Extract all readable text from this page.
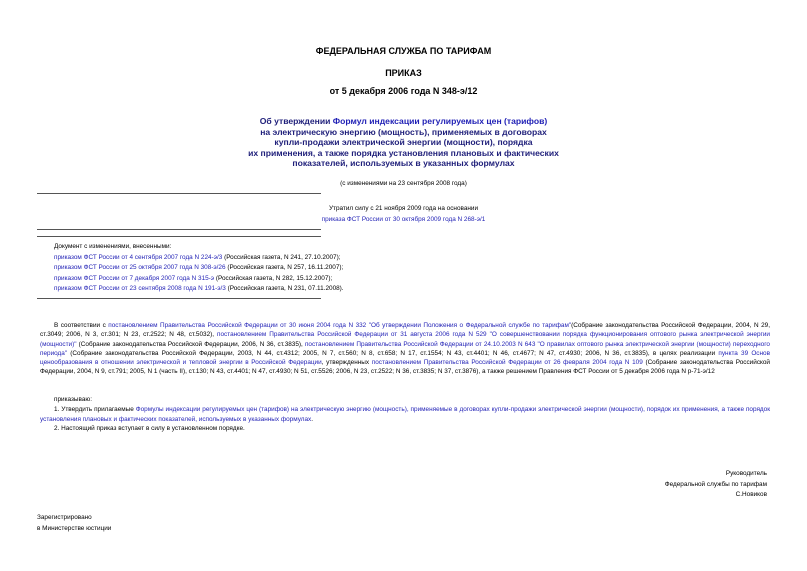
ФЕДЕРАЛЬНАЯ СЛУЖБА ПО ТАРИФАМ
ПРИКАЗ
от 5 декабря 2006 года N 348-э/12
Об утверждении Формул индексации регулируемых цен (тарифов)
на электрическую энергию (мощность), применяемых в договорах
купли-продажи электрической энергии (мощности), порядка
их применения, а также порядка установления плановых и фактических
показателей, используемых в указанных формулах
(с изменениями на 23 сентября 2008 года)
Утратил силу с 21 ноября 2009 года на основании
приказа ФСТ России от 30 октября 2009 года N 268-э/1
Документ с изменениями, внесенными:
приказом ФСТ России от 4 сентября 2007 года N 224-э/3 (Российская газета, N 241, 27.10.2007);
приказом ФСТ России от 25 октября 2007 года N 308-э/26 (Российская газета, N 257, 16.11.2007);
приказом ФСТ России от 7 декабря 2007 года N 315-э (Российская газета, N 282, 15.12.2007);
приказом ФСТ России от 23 сентября 2008 года N 191-э/3 (Российская газета, N 231, 07.11.2008).

В соответствии с постановлением Правительства Российской Федерации от 30 июня 2004 года N 332 "Об утверждении Положения о Федеральной службе по тарифам"(Собрание законодательства Российской Федерации, 2004, N 29, ст.3049; 2006, N 3, ст.301; N 23, ст.2522; N 48, ст.5032), постановлением Правительства Российской Федерации от 31 августа 2006 года N 529 "О совершенствовании порядка функционирования оптового рынка электрической энергии (мощности)" (Собрание законодательства Российской Федерации, 2006, N 36, ст.3835), постановлением Правительства Российской Федерации от 24.10.2003 N 643 "О правилах оптового рынка электрической энергии (мощности) переходного периода" (Собрание законодательства Российской Федерации, 2003, N 44, ст.4312; 2005, N 7, ст.560; N 8, ст.658; N 17, ст.1554; N 43, ст.4401; N 46, ст.4677; N 47, ст.4930; 2006, N 36, ст.3835), в целях реализации пункта 39 Основ ценообразования в отношении электрической и тепловой энергии в Российской Федерации, утвержденных постановлением Правительства Российской Федерации от 26 февраля 2004 года N 109 (Собрание законодательства Российской Федерации, 2004, N 9, ст.791; 2005, N 1 (часть II), ст.130; N 43, ст.4401; N 47, ст.4930; N 51, ст.5526; 2006, N 23, ст.2522; N 36, ст.3835; N 37, ст.3876), а также решением Правления ФСТ России от 5 декабря 2006 года N р-71-э/12

приказываю:

1. Утвердить прилагаемые Формулы индексации регулируемых цен (тарифов) на электрическую энергию (мощность), применяемые в договорах купли-продажи электрической энергии (мощности), порядок их применения, а также порядок установления плановых и фактических показателей, используемых в указанных формулах.

2. Настоящий приказ вступает в силу в установленном порядке.

Руководитель
Федеральной службы по тарифам
С.Новиков
Зарегистрировано
в Министерстве юстиции
